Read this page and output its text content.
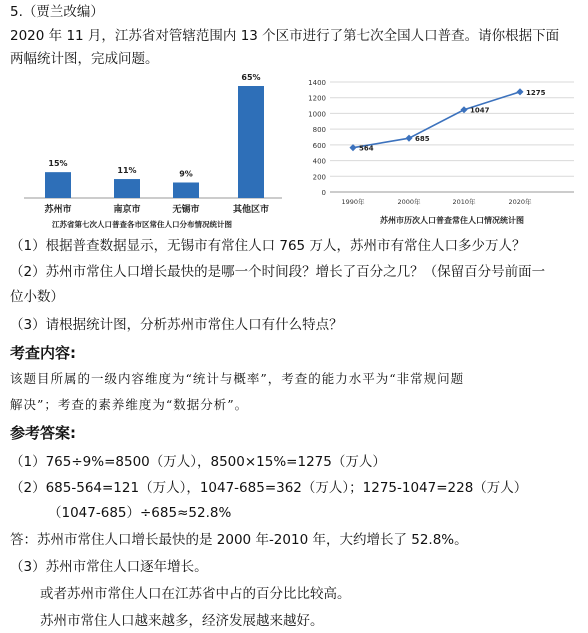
5.（贾兰改编）
2020 年 11 月，江苏省对管辖范围内 13 个区市进行了第七次全国人口普查。请你根据下面
两幅统计图，完成问题。
15%
苏州市
11%
南京市
9%
无锡市
65%
其他区市
江苏省第七次人口普查各市区常住人口分布情况统计图
0
200
400
600
800
1000
1200
1400
564
1990年
685
2000年
1047
2010年
1275
2020年
苏州市历次人口普查常住人口情况统计图
（1）根据普查数据显示，无锡市有常住人口 765 万人，苏州市有常住人口多少万人？
（2）苏州市常住人口增长最快的是哪一个时间段？增长了百分之几？（保留百分号前面一
位小数）
（3）请根据统计图，分析苏州市常住人口有什么特点？
考查内容:
该题目所属的一级内容维度为“统计与概率”，考查的能力水平为“非常规问题
解决”；考查的素养维度为“数据分析”。
参考答案:
（1）765÷9%=8500（万人），8500×15%=1275（万人）
（2）685-564=121（万人），1047-685=362（万人）；1275-1047=228（万人）
（1047-685）÷685≈52.8%
答：苏州市常住人口增长最快的是 2000 年-2010 年，大约增长了 52.8%。
（3）苏州市常住人口逐年增长。
或者苏州市常住人口在江苏省中占的百分比比较高。
苏州市常住人口越来越多，经济发展越来越好。
